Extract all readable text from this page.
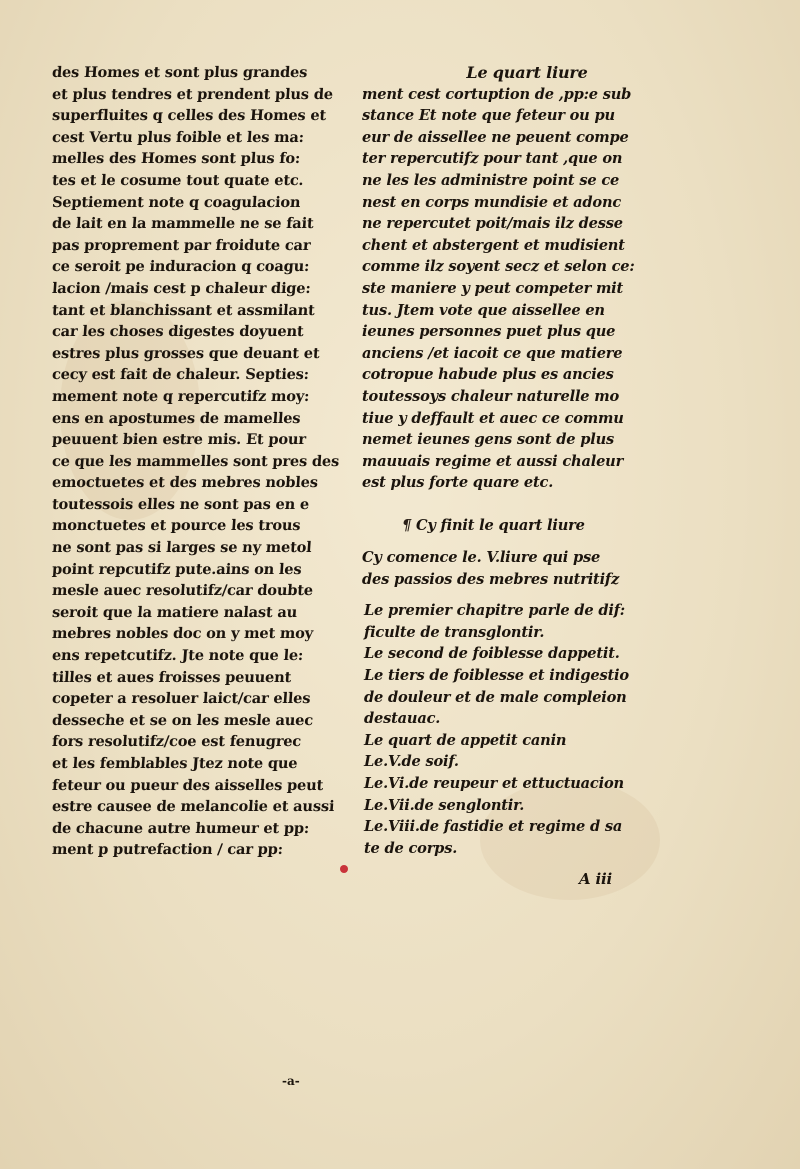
des Homes et sont plus grandes
et plus tendres et prendent plus de
superfluites q celles des Homes et
cest Vertu plus foible et les ma:
melles des Homes sont plus fo:
tes et le cosume tout quate etc.
Septiement note q coagulacion
de lait en la mammelle ne se fait
pas proprement par froidute car
ce seroit pe induracion q coagu:
lacion /mais cest p chaleur dige:
tant et blanchissant et assmilant
car les choses digestes doyuent
estres plus grosses que deuant et
cecy est fait de chaleur. Septies:
mement note q repercutifz moy:
ens en apostumes de mamelles
peuuent bien estre mis. Et pour
ce que les mammelles sont pres des
emoctuetes et des mebres nobles
toutessois elles ne sont pas en e
monctuetes et pource les trous
ne sont pas si larges se ny metol
point repcutifz pute.ains on les
mesle auec resolutifz/car doubte
seroit que la matiere nalast au
mebres nobles doc on y met moy
ens repetcutifz. Jte note que le:
tilles et aues froisses peuuent
copeter a resoluer laict/car elles
desseche et se on les mesle auec
fors resolutifz/coe est fenugrec
et les femblables Jtez note que
feteur ou pueur des aisselles peut
estre causee de melancolie et aussi
de chacune autre humeur et pp:
ment p putrefaction / car pp:
Le quart liure
ment cest cortuption de ,pp:e sub
stance Et note que feteur ou pu
eur de aissellee ne peuent compe
ter repercutifz pour tant ,que on
ne les les administre point se ce
nest en corps mundisie et adonc
ne repercutet poit/mais ilz desse
chent et abstergent et mudisient
comme ilz soyent secz et selon ce:
ste maniere y peut competer mit
tus. Jtem vote que aissellee en
ieunes personnes puet plus que
anciens /et iacoit ce que matiere
cotropue habude plus es ancies
toutessoys chaleur naturelle mo
tiue y deffault et auec ce commu
nemet ieunes gens sont de plus
mauuais regime et aussi chaleur
est plus forte quare etc.
¶ Cy finit le quart liure
Cy comence le. V.liure qui pse
des passios des mebres nutritifz
Le premier chapitre parle de dif:
ficulte de transglontir.
Le second de foiblesse dappetit.
Le tiers de foiblesse et indigestio
de douleur et de male compleion
destauac.
Le quart de appetit canin
Le.V.de soif.
Le.Vi.de reupeur et ettuctuacion
Le.Vii.de senglontir.
Le.Viii.de fastidie et regime d sa
te de corps.
A iii
-a-
